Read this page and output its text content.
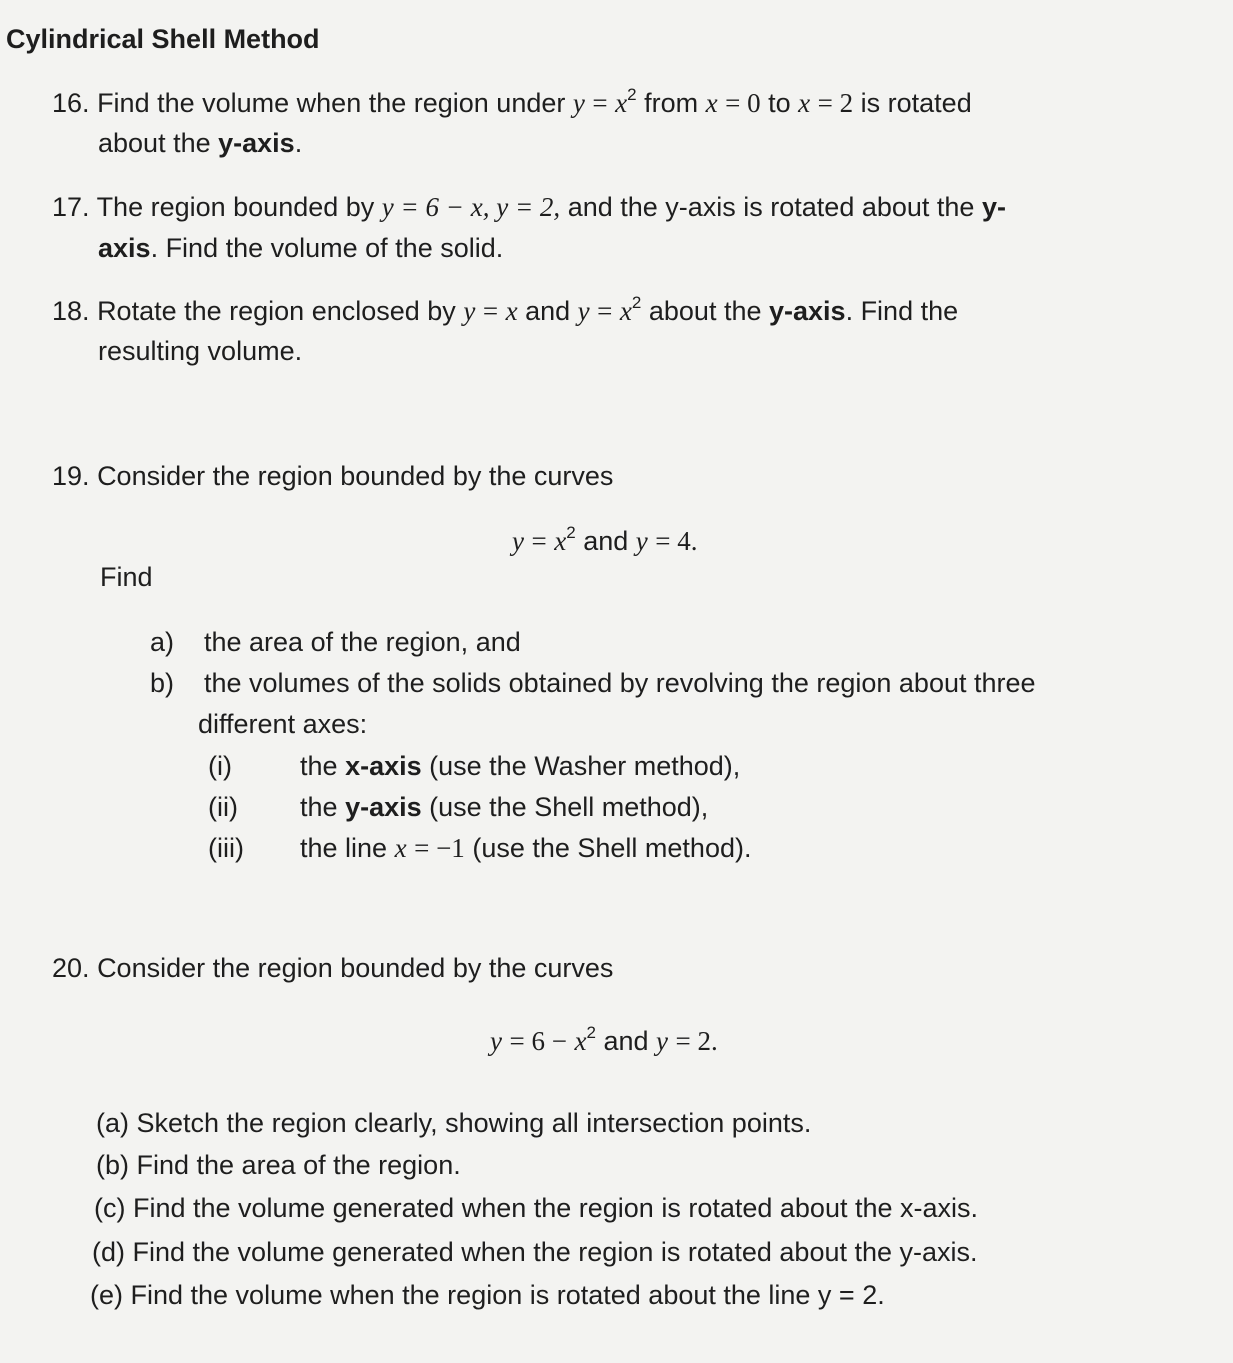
Cylindrical Shell Method
16. Find the volume when the region under $y = x^2$ from x = 0 to x = 2 is rotated
about the y-axis.
17. The region bounded by y = 6 − x, y = 2, and the y-axis is rotated about the y-
axis. Find the volume of the solid.
18. Rotate the region enclosed by y = x and $y = x^2$ about the y-axis. Find the
resulting volume.
19. Consider the region bounded by the curves
$y = x^2$ and y = 4.
Find
a) the area of the region, and
b) the volumes of the solids obtained by revolving the region about three
different axes:
(i)	the x-axis (use the Washer method),
(ii) the y-axis (use the Shell method),
(iii) the line x = −1 (use the Shell method).
20. Consider the region bounded by the curves
$y = 6 - x^2$ and y = 2.
(a) Sketch the region clearly, showing all intersection points.
(b) Find the area of the region.
(c) Find the volume generated when the region is rotated about the x-axis.
(d) Find the volume generated when the region is rotated about the y-axis.
(e) Find the volume when the region is rotated about the line y = 2.
